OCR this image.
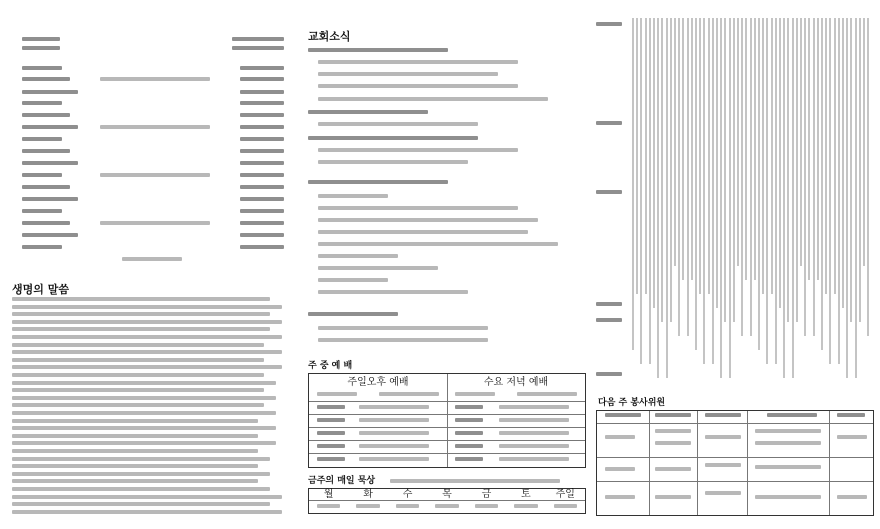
생명의 말씀
교회소식
주 중 예 배
주일오후 예배	수요 저녁 예배
금주의 매일 묵상
월	화	수	목	금	토	주일
다음 주 봉사위원
